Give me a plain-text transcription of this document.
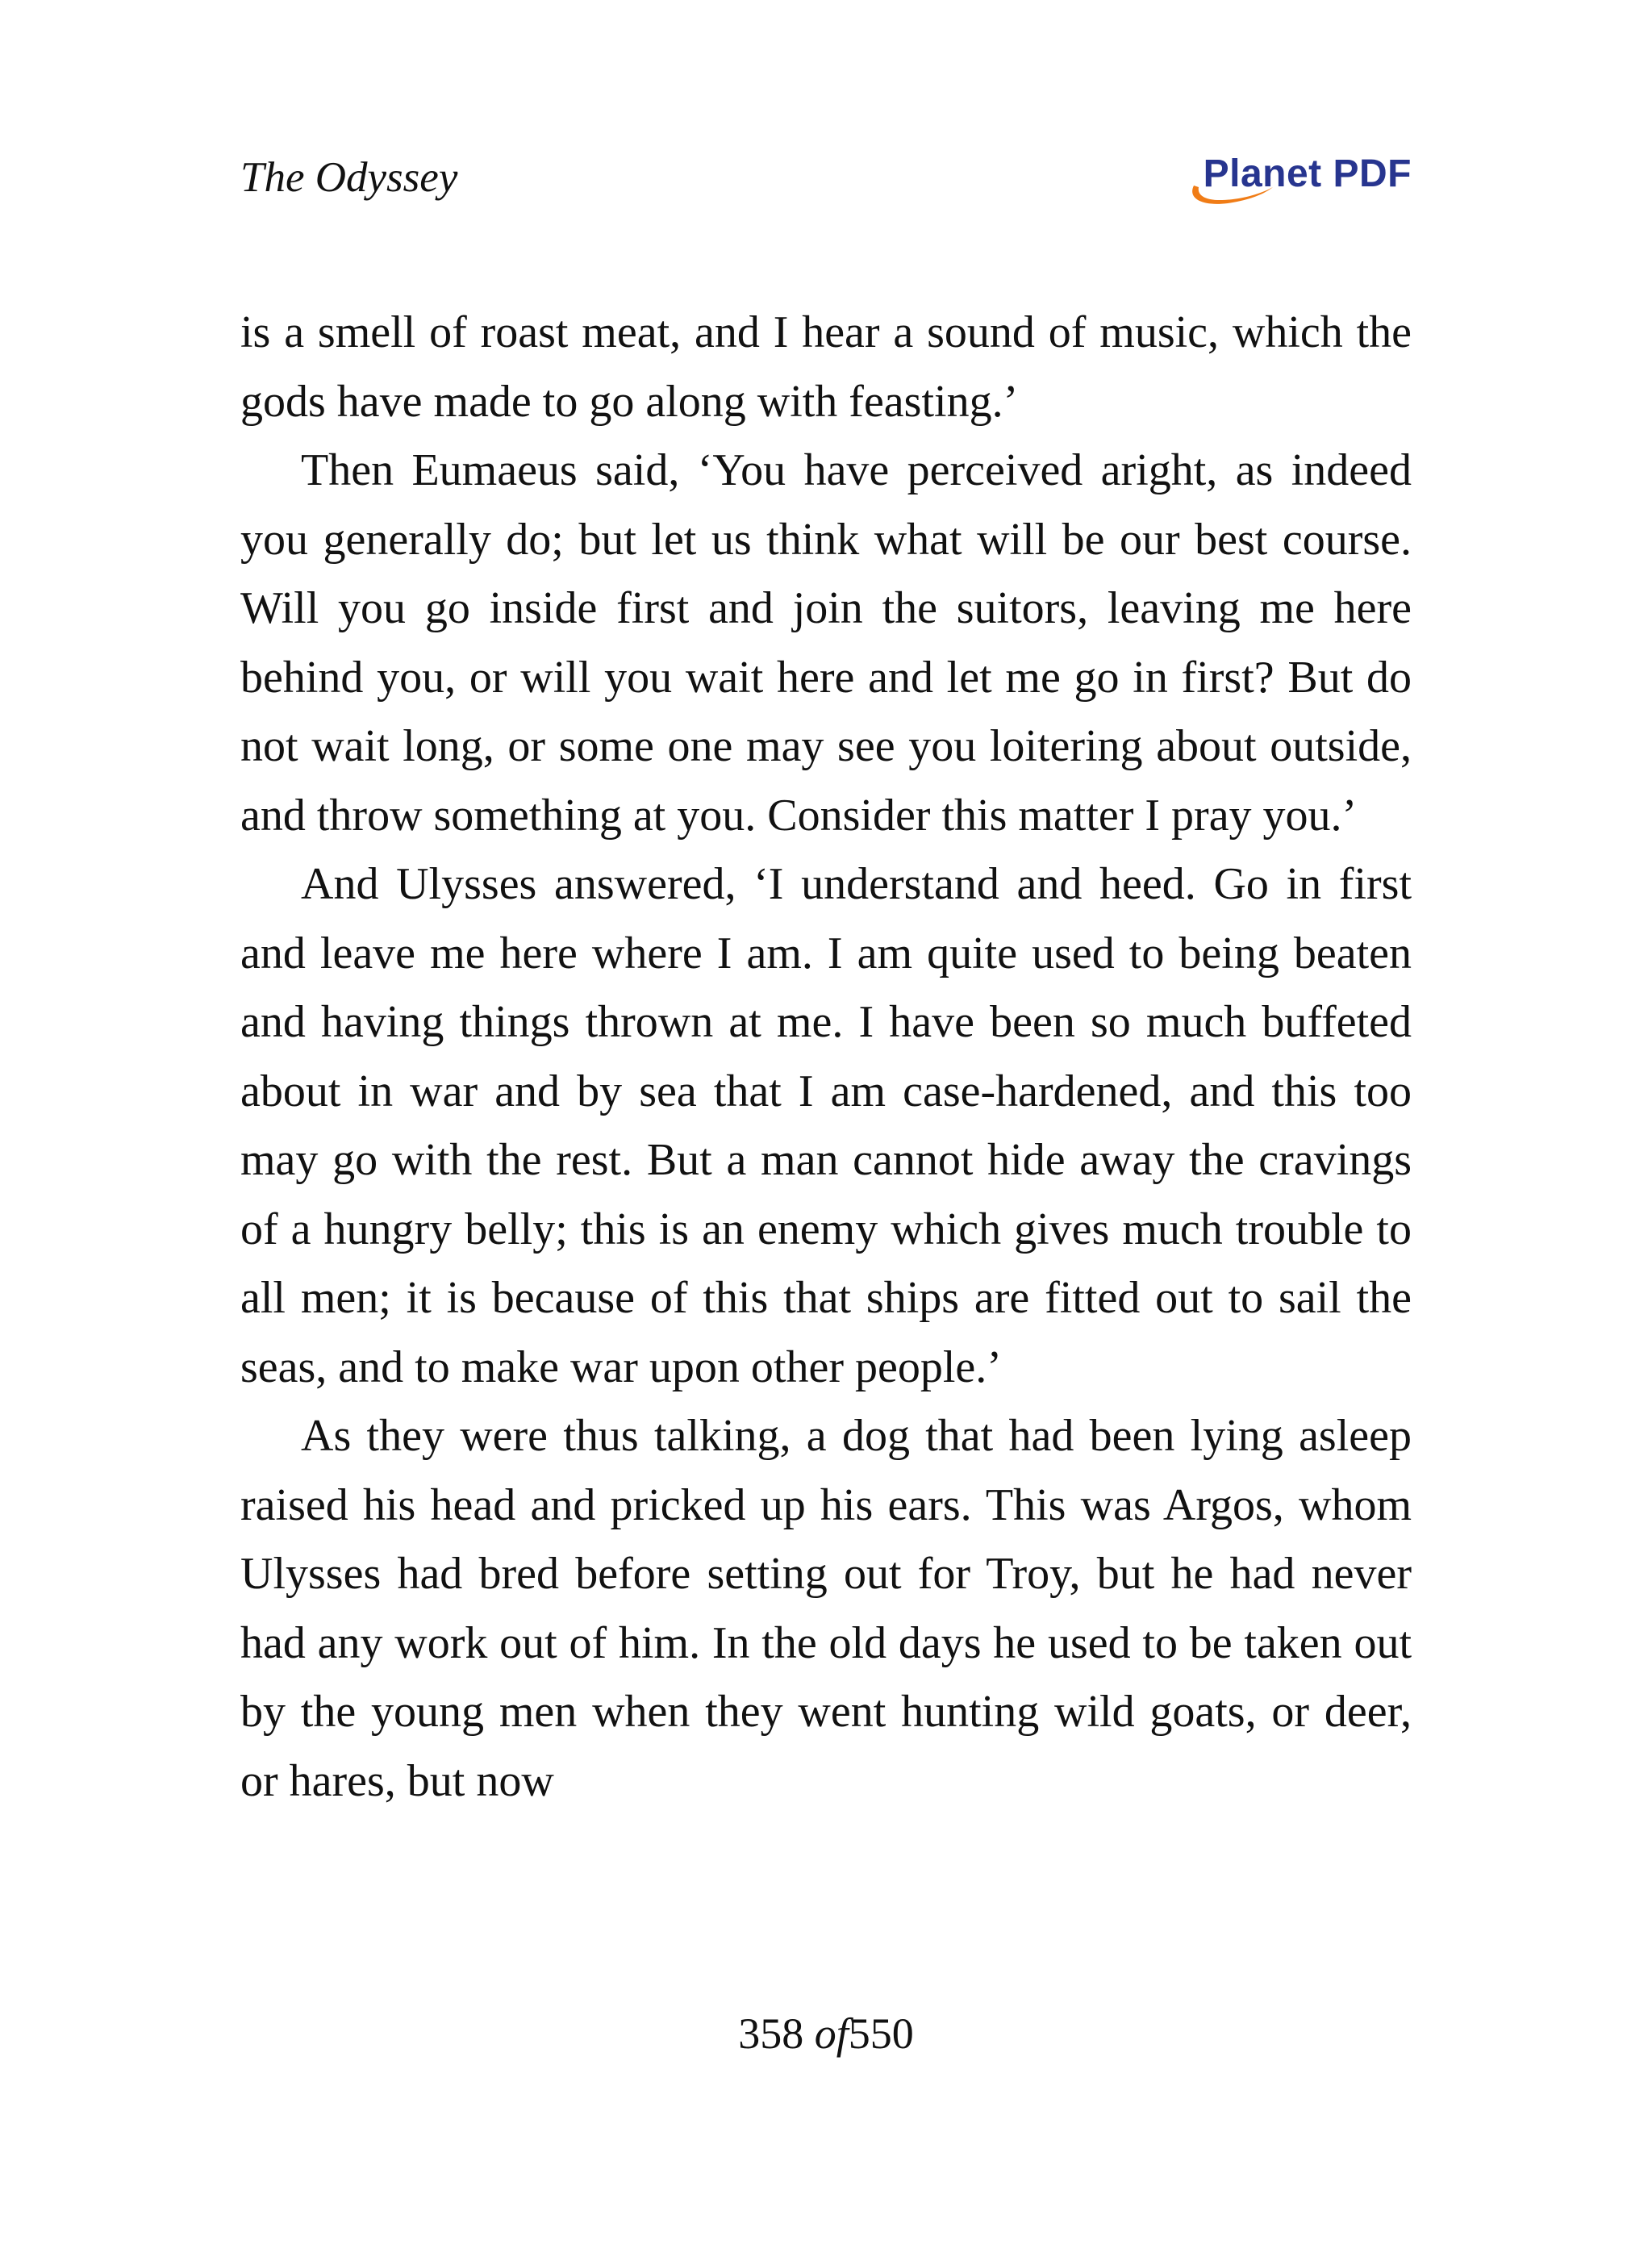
The Odyssey	Planet PDF

is a smell of roast meat, and I hear a sound of music, which the gods have made to go along with feasting.’

Then Eumaeus said, ‘You have perceived aright, as indeed you generally do; but let us think what will be our best course. Will you go inside first and join the suitors, leaving me here behind you, or will you wait here and let me go in first? But do not wait long, or some one may see you loitering about outside, and throw something at you. Consider this matter I pray you.’

And Ulysses answered, ‘I understand and heed. Go in first and leave me here where I am. I am quite used to being beaten and having things thrown at me. I have been so much buffeted about in war and by sea that I am case-hardened, and this too may go with the rest. But a man cannot hide away the cravings of a hungry belly; this is an enemy which gives much trouble to all men; it is because of this that ships are fitted out to sail the seas, and to make war upon other people.’

As they were thus talking, a dog that had been lying asleep raised his head and pricked up his ears. This was Argos, whom Ulysses had bred before setting out for Troy, but he had never had any work out of him. In the old days he used to be taken out by the young men when they went hunting wild goats, or deer, or hares, but now

358 of550
